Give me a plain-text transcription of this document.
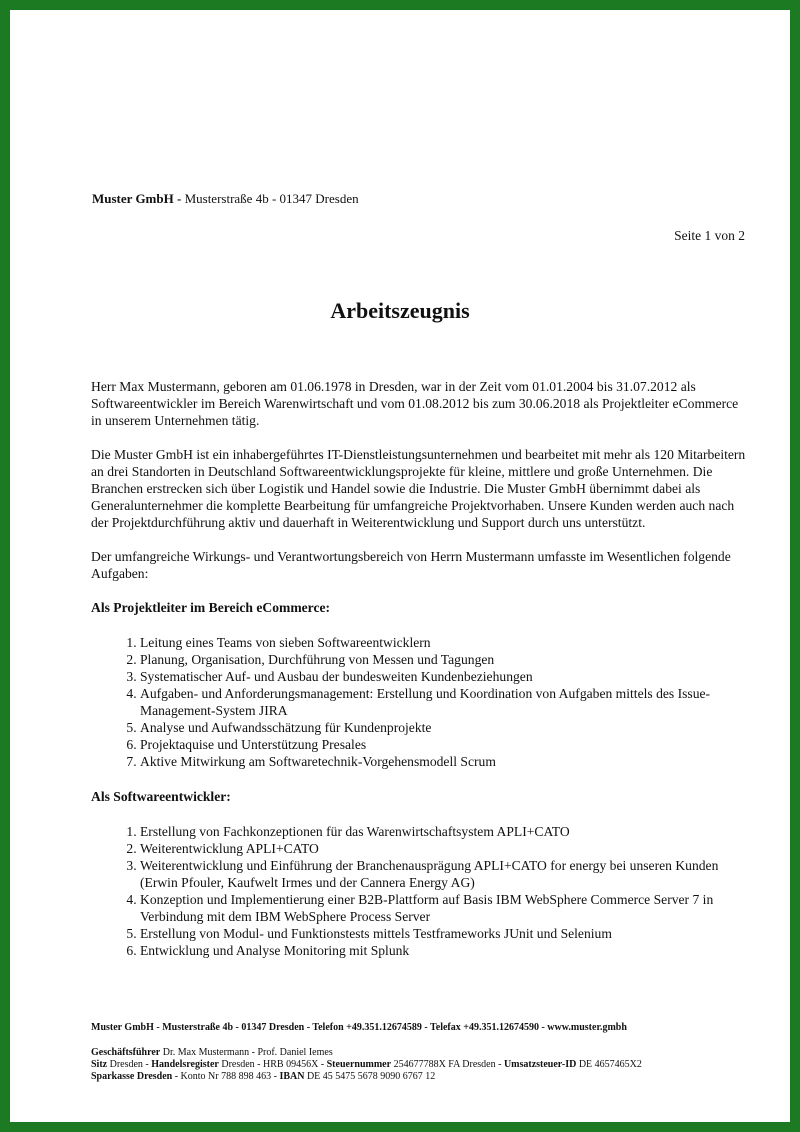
Muster GmbH - Musterstraße 4b - 01347 Dresden
Seite 1 von 2
Arbeitszeugnis

Herr Max Mustermann, geboren am 01.06.1978 in Dresden, war in der Zeit vom 01.01.2004 bis 31.07.2012 als Softwareentwickler im Bereich Warenwirtschaft und vom 01.08.2012 bis zum 30.06.2018 als Projektleiter eCommerce in unserem Unternehmen tätig.

Die Muster GmbH ist ein inhabergeführtes IT-Dienstleistungsunternehmen und bearbeitet mit mehr als 120 Mitarbeitern an drei Standorten in Deutschland Softwareentwicklungsprojekte für kleine, mittlere und große Unternehmen. Die Branchen erstrecken sich über Logistik und Handel sowie die Industrie. Die Muster GmbH übernimmt dabei als Generalunternehmer die komplette Bearbeitung für umfangreiche Projektvorhaben. Unsere Kunden werden auch nach der Projektdurchführung aktiv und dauerhaft in Weiterentwicklung und Support durch uns unterstützt.

Der umfangreiche Wirkungs- und Verantwortungsbereich von Herrn Mustermann umfasste im Wesentlichen folgende Aufgaben:

Als Projektleiter im Bereich eCommerce:
1. Leitung eines Teams von sieben Softwareentwicklern
2. Planung, Organisation, Durchführung von Messen und Tagungen
3. Systematischer Auf- und Ausbau der bundesweiten Kundenbeziehungen
4. Aufgaben- und Anforderungsmanagement: Erstellung und Koordination von Aufgaben mittels des Issue-Management-System JIRA
5. Analyse und Aufwandsschätzung für Kundenprojekte
6. Projektaquise und Unterstützung Presales
7. Aktive Mitwirkung am Softwaretechnik-Vorgehensmodell Scrum
Als Softwareentwickler:
1. Erstellung von Fachkonzeptionen für das Warenwirtschaftsystem APLI+CATO
2. Weiterentwicklung APLI+CATO
3. Weiterentwicklung und Einführung der Branchenausprägung APLI+CATO for energy bei unseren Kunden (Erwin Pfouler, Kaufwelt Irmes und der Cannera Energy AG)
4. Konzeption und Implementierung einer B2B-Plattform auf Basis IBM WebSphere Commerce Server 7 in Verbindung mit dem IBM WebSphere Process Server
5. Erstellung von Modul- und Funktionstests mittels Testframeworks JUnit und Selenium
6. Entwicklung und Analyse Monitoring mit Splunk
Muster GmbH - Musterstraße 4b - 01347 Dresden - Telefon +49.351.12674589 - Telefax +49.351.12674590 - www.muster.gmbh
Geschäftsführer Dr. Max Mustermann - Prof. Daniel Iemes
Sitz Dresden - Handelsregister Dresden - HRB 09456X - Steuernummer 254677788X FA Dresden - Umsatzsteuer-ID DE 4657465X2
Sparkasse Dresden - Konto Nr 788 898 463 - IBAN DE 45 5475 5678 9090 6767 12
